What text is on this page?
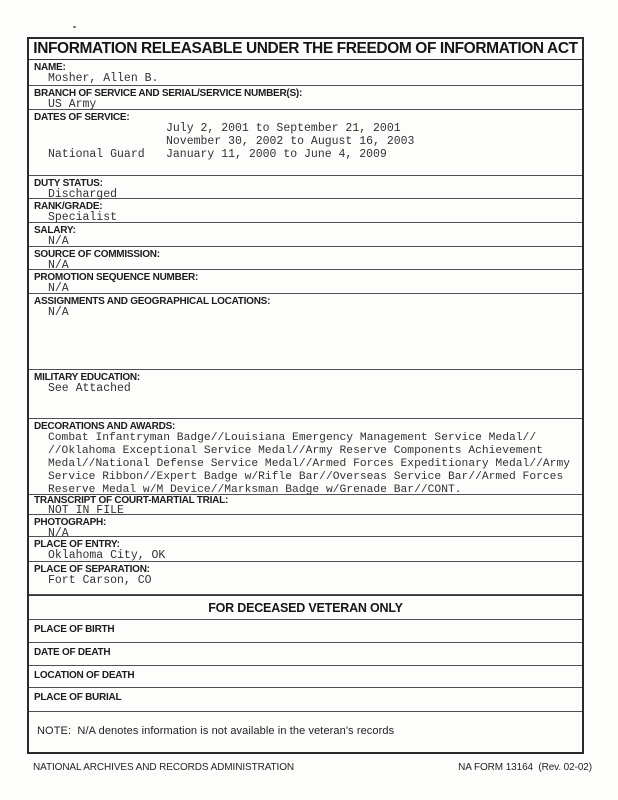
INFORMATION RELEASABLE UNDER THE FREEDOM OF INFORMATION ACT
NAME:
Mosher, Allen B.
BRANCH OF SERVICE AND SERIAL/SERVICE NUMBER(S):
US Army
DATES OF SERVICE:
July 2, 2001 to September 21, 2001
November 30, 2002 to August 16, 2003
National Guard	January 11, 2000 to June 4, 2009
DUTY STATUS:
Discharged
RANK/GRADE:
Specialist
SALARY:
N/A
SOURCE OF COMMISSION:
N/A
PROMOTION SEQUENCE NUMBER:
N/A
ASSIGNMENTS AND GEOGRAPHICAL LOCATIONS:
N/A
MILITARY EDUCATION:
See Attached
DECORATIONS AND AWARDS:
Combat Infantryman Badge//Louisiana Emergency Management Service Medal//
//Oklahoma Exceptional Service Medal//Army Reserve Components Achievement
Medal//National Defense Service Medal//Armed Forces Expeditionary Medal//Army
Service Ribbon//Expert Badge w/Rifle Bar//Overseas Service Bar//Armed Forces
Reserve Medal w/M Device//Marksman Badge w/Grenade Bar//CONT.
TRANSCRIPT OF COURT-MARTIAL TRIAL:
NOT IN FILE
PHOTOGRAPH:
N/A
PLACE OF ENTRY:
Oklahoma City, OK
PLACE OF SEPARATION:
Fort Carson, CO
FOR DECEASED VETERAN ONLY
PLACE OF BIRTH
DATE OF DEATH
LOCATION OF DEATH
PLACE OF BURIAL
NOTE:  N/A denotes information is not available in the veteran's records
NATIONAL ARCHIVES AND RECORDS ADMINISTRATION	NA FORM 13164  (Rev. 02-02)
